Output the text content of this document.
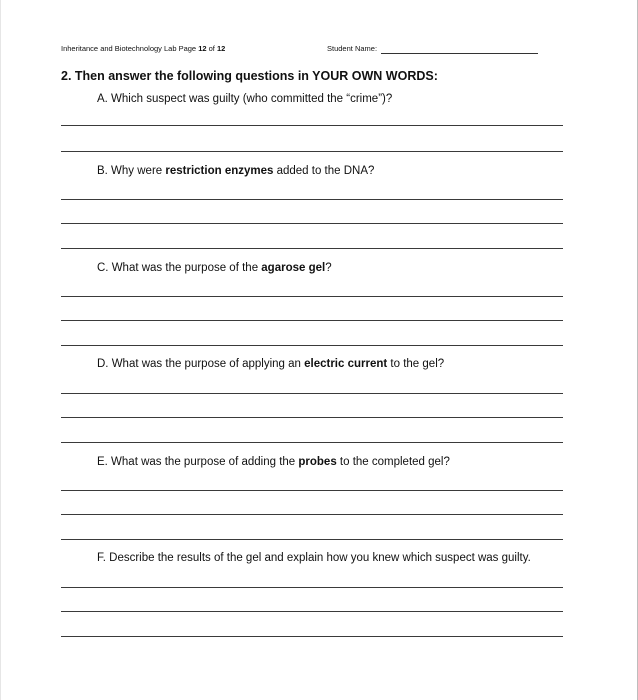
Inheritance and Biotechnology Lab Page 12 of 12	Student Name:
2. Then answer the following questions in YOUR OWN WORDS:
A. Which suspect was guilty (who committed the “crime”)?
B. Why were restriction enzymes added to the DNA?
C. What was the purpose of the agarose gel?
D. What was the purpose of applying an electric current to the gel?
E. What was the purpose of adding the probes to the completed gel?
F. Describe the results of the gel and explain how you knew which suspect was guilty.
